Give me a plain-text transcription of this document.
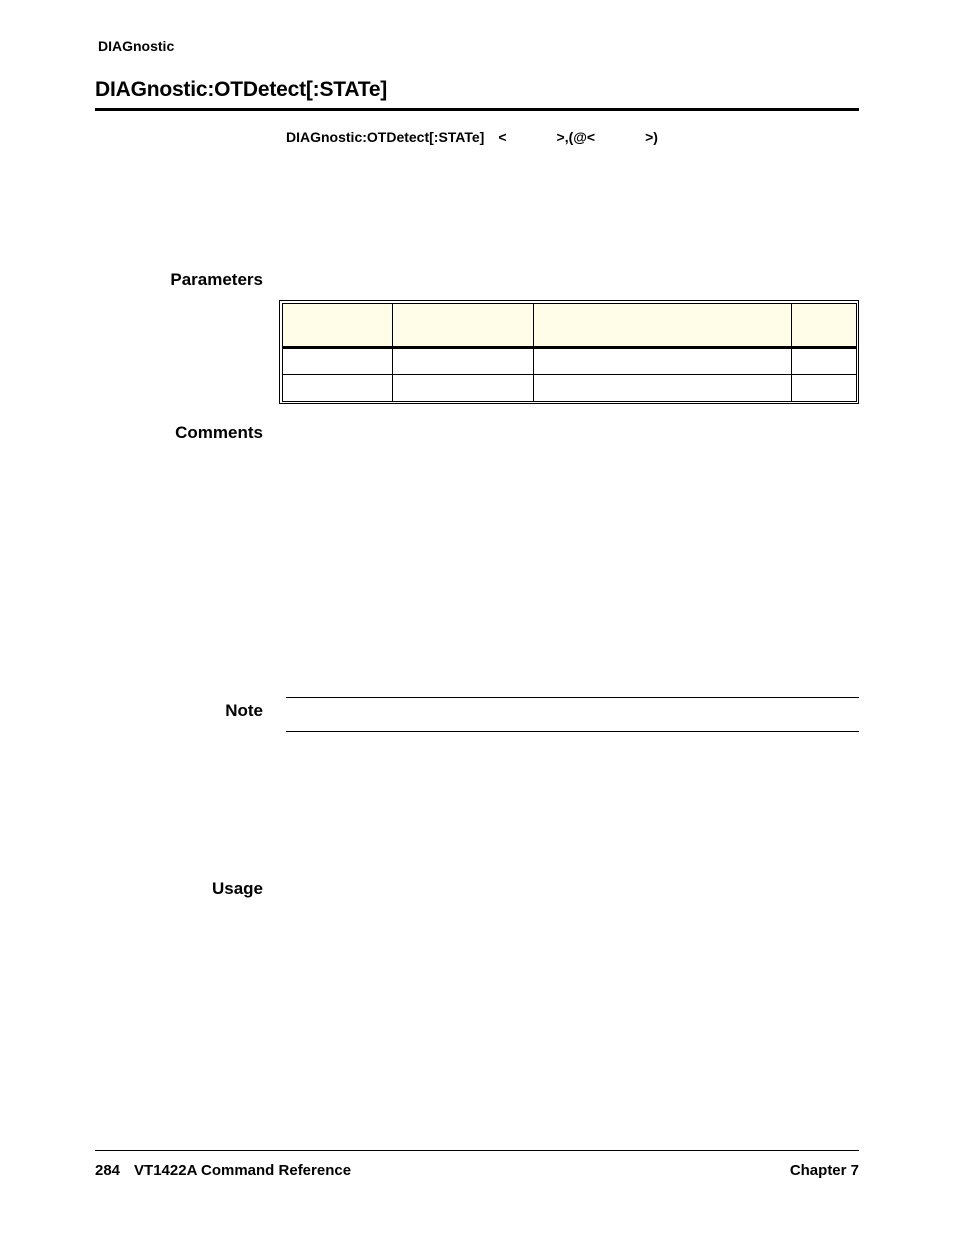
DIAGnostic
DIAGnostic:OTDetect[:STATe]
DIAGnostic:OTDetect[:STATe] <	>,(@<	>)
Parameters

Comments
Note
Usage
284 VT1422A Command Reference	Chapter 7
